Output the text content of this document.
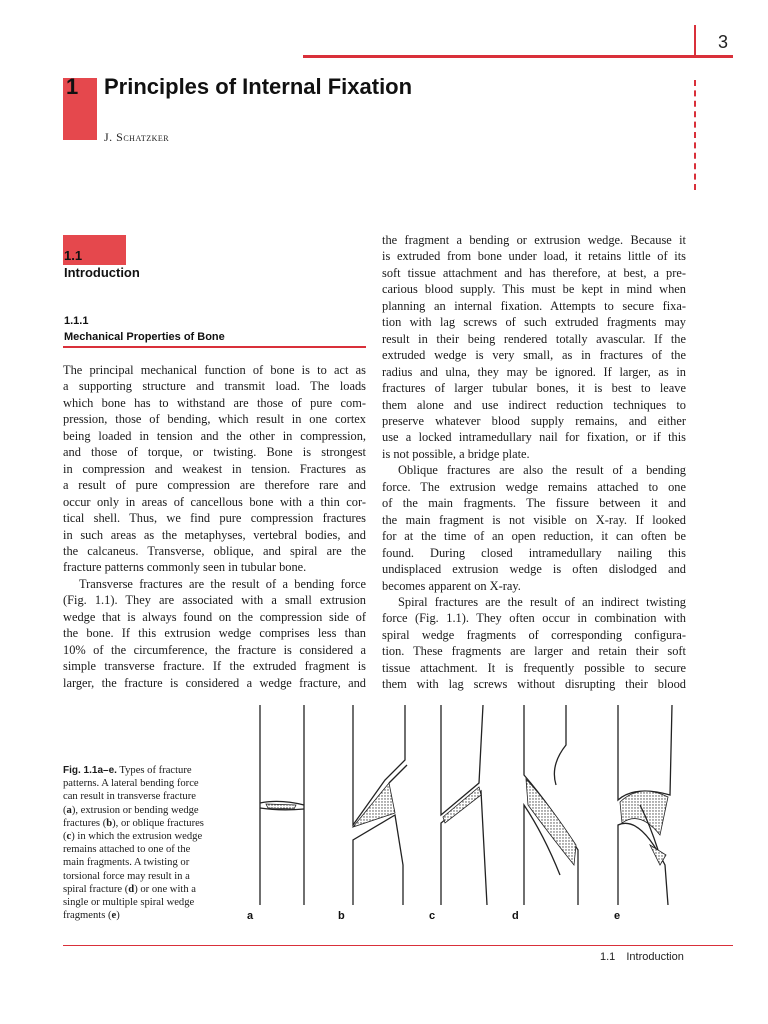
3
1 Principles of Internal Fixation
J. Schatzker
1.1
Introduction
1.1.1
Mechanical Properties of Bone
The principal mechanical function of bone is to act as
a supporting structure and transmit load. The loads
which bone has to withstand are those of pure com-
pression, those of bending, which result in one cortex
being loaded in tension and the other in compression,
and those of torque, or twisting. Bone is strongest
in compression and weakest in tension. Fractures as
a result of pure compression are therefore rare and
occur only in areas of cancellous bone with a thin cor-
tical shell. Thus, we find pure compression fractures
in such areas as the metaphyses, vertebral bodies, and
the calcaneus. Transverse, oblique, and spiral are the
fracture patterns commonly seen in tubular bone.
Transverse fractures are the result of a bending force
(Fig. 1.1). They are associated with a small extrusion
wedge that is always found on the compression side of
the bone. If this extrusion wedge comprises less than
10% of the circumference, the fracture is considered a
simple transverse fracture. If the extruded fragment is
larger, the fracture is considered a wedge fracture, and
the fragment a bending or extrusion wedge. Because it
is extruded from bone under load, it retains little of its
soft tissue attachment and has therefore, at best, a pre-
carious blood supply. This must be kept in mind when
planning an internal fixation. Attempts to secure fixa-
tion with lag screws of such extruded fragments may
result in their being rendered totally avascular. If the
extruded wedge is very small, as in fractures of the
radius and ulna, they may be ignored. If larger, as in
fractures of larger tubular bones, it is best to leave
them alone and use indirect reduction techniques to
preserve whatever blood supply remains, and either
use a locked intramedullary nail for fixation, or if this
is not possible, a bridge plate.
Oblique fractures are also the result of a bending
force. The extrusion wedge remains attached to one
of the main fragments. The fissure between it and
the main fragment is not visible on X-ray. If looked
for at the time of an open reduction, it can often be
found. During closed intramedullary nailing this
undisplaced extrusion wedge is often dislodged and
becomes apparent on X-ray.
Spiral fractures are the result of an indirect twisting
force (Fig. 1.1). They often occur in combination with
spiral wedge fragments of corresponding configura-
tion. These fragments are larger and retain their soft
tissue attachment. It is frequently possible to secure
them with lag screws without disrupting their blood
Fig. 1.1a–e. Types of fracture
patterns. A lateral bending force
can result in transverse fracture
(a), extrusion or bending wedge
fractures (b), or oblique fractures
(c) in which the extrusion wedge
remains attached to one of the
main fragments. A twisting or
torsional force may result in a
spiral fracture (d) or one with a
single or multiple spiral wedge
fragments (e)	a	b	c	d	e
1.1 Introduction
